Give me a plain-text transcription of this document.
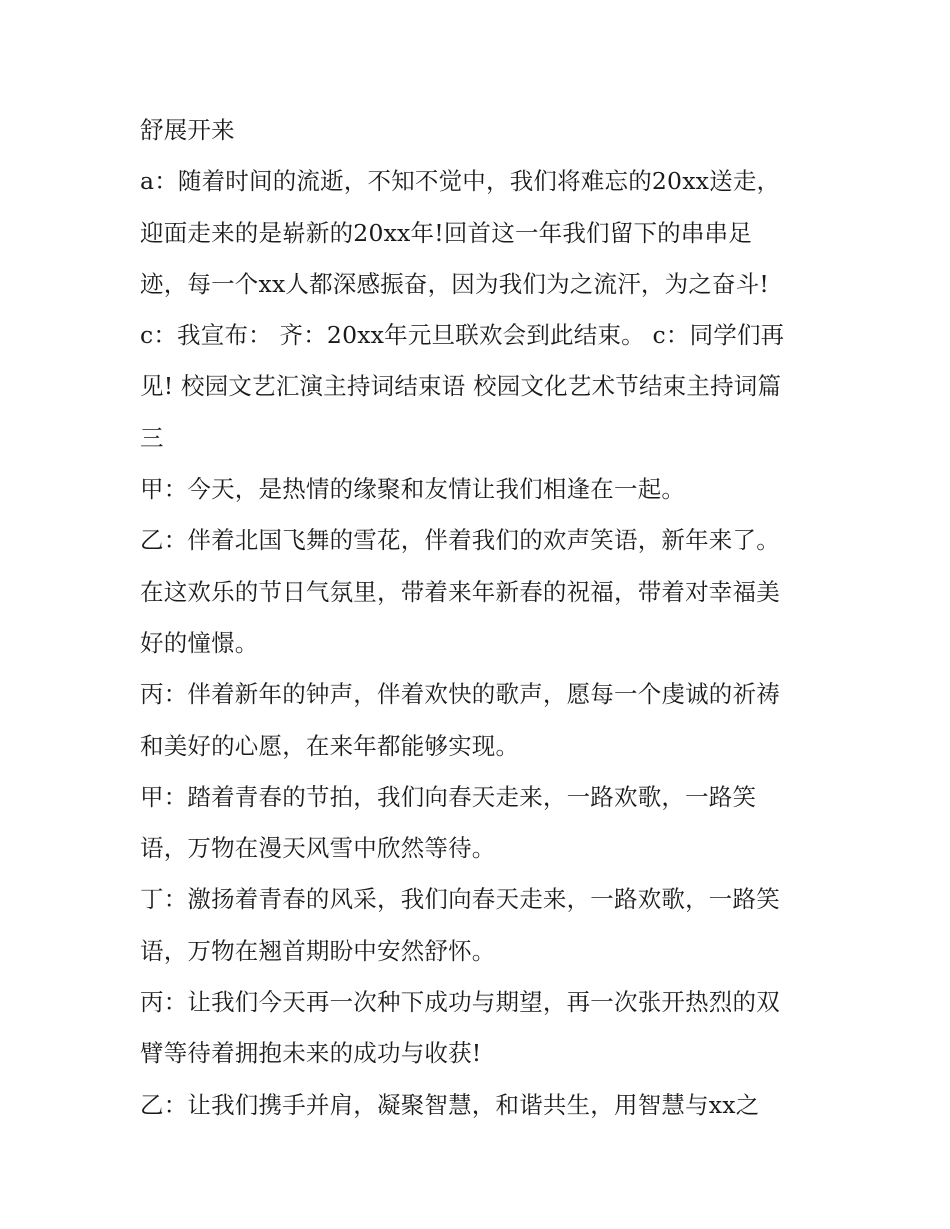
舒展开来
a：随着时间的流逝，不知不觉中，我们将难忘的20xx送走，
迎面走来的是崭新的20xx年!回首这一年我们留下的串串足
迹，每一个xx人都深感振奋，因为我们为之流汗，为之奋斗!
c：我宣布： 齐：20xx年元旦联欢会到此结束。 c：同学们再
见! 校园文艺汇演主持词结束语 校园文化艺术节结束主持词篇
三
甲：今天，是热情的缘聚和友情让我们相逢在一起。
乙：伴着北国飞舞的雪花，伴着我们的欢声笑语，新年来了。
在这欢乐的节日气氛里，带着来年新春的祝福，带着对幸福美
好的憧憬。
丙：伴着新年的钟声，伴着欢快的歌声，愿每一个虔诚的祈祷
和美好的心愿，在来年都能够实现。
甲：踏着青春的节拍，我们向春天走来，一路欢歌，一路笑
语，万物在漫天风雪中欣然等待。
丁：激扬着青春的风采，我们向春天走来，一路欢歌，一路笑
语，万物在翘首期盼中安然舒怀。
丙：让我们今天再一次种下成功与期望，再一次张开热烈的双
臂等待着拥抱未来的成功与收获!
乙：让我们携手并肩，凝聚智慧，和谐共生，用智慧与xx之
